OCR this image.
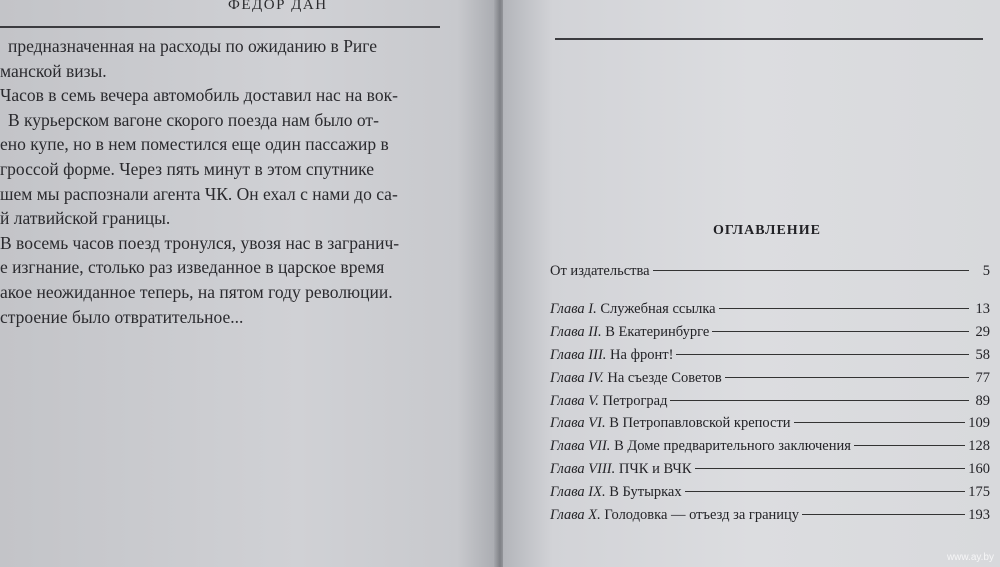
ФЕДОР ДАН
предназначенная на расходы по ожиданию в Риге
манской визы.
Часов в семь вечера автомобиль доставил нас на вок-
В курьерском вагоне скорого поезда нам было от-
ено купе, но в нем поместился еще один пассажир в
гроссой форме. Через пять минут в этом спутнике
шем мы распознали агента ЧК. Он ехал с нами до са-
й латвийской границы.
В восемь часов поезд тронулся, увозя нас в загранич-
е изгнание, столько раз изведанное в царское время
акое неожиданное теперь, на пятом году революции.
строение было отвратительное...
ОГЛАВЛЕНИЕ
От издательства	5
Глава I. Служебная ссылка	13
Глава II. В Екатеринбурге	29
Глава III. На фронт!	58
Глава IV. На съезде Советов	77
Глава V. Петроград	89
Глава VI. В Петропавловской крепости	109
Глава VII. В Доме предварительного заключения	128
Глава VIII. ПЧК и ВЧК	160
Глава IX. В Бутырках	175
Глава X. Голодовка — отъезд за границу	193
www.ay.by
